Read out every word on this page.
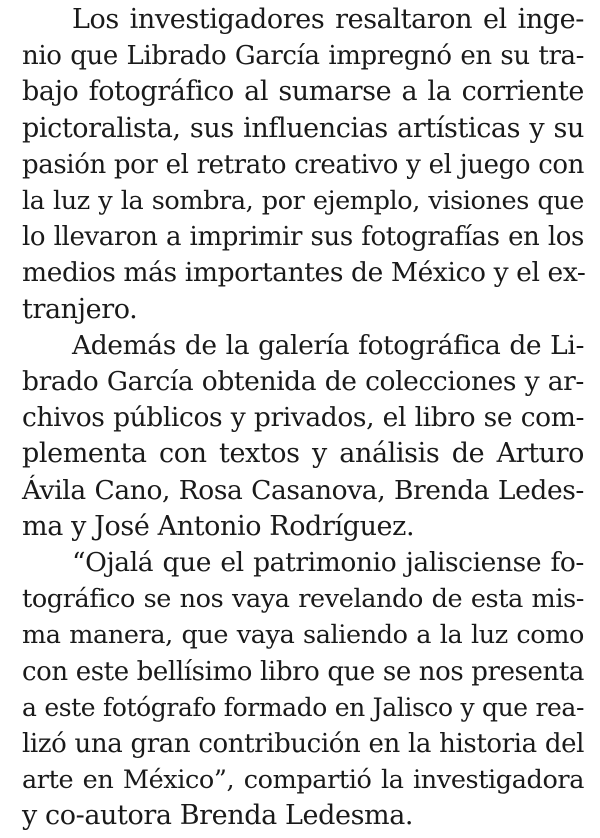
Los investigadores resaltaron el inge-
nio que Librado García impregnó en su tra-
bajo fotográfico al sumarse a la corriente
pictoralista, sus influencias artísticas y su
pasión por el retrato creativo y el juego con
la luz y la sombra, por ejemplo, visiones que
lo llevaron a imprimir sus fotografías en los
medios más importantes de México y el ex-
tranjero.
Además de la galería fotográfica de Li-
brado García obtenida de colecciones y ar-
chivos públicos y privados, el libro se com-
plementa con textos y análisis de Arturo
Ávila Cano, Rosa Casanova, Brenda Ledes-
ma y José Antonio Rodríguez.
“Ojalá que el patrimonio jalisciense fo-
tográfico se nos vaya revelando de esta mis-
ma manera, que vaya saliendo a la luz como
con este bellísimo libro que se nos presenta
a este fotógrafo formado en Jalisco y que rea-
lizó una gran contribución en la historia del
arte en México”, compartió la investigadora
y co-autora Brenda Ledesma.
